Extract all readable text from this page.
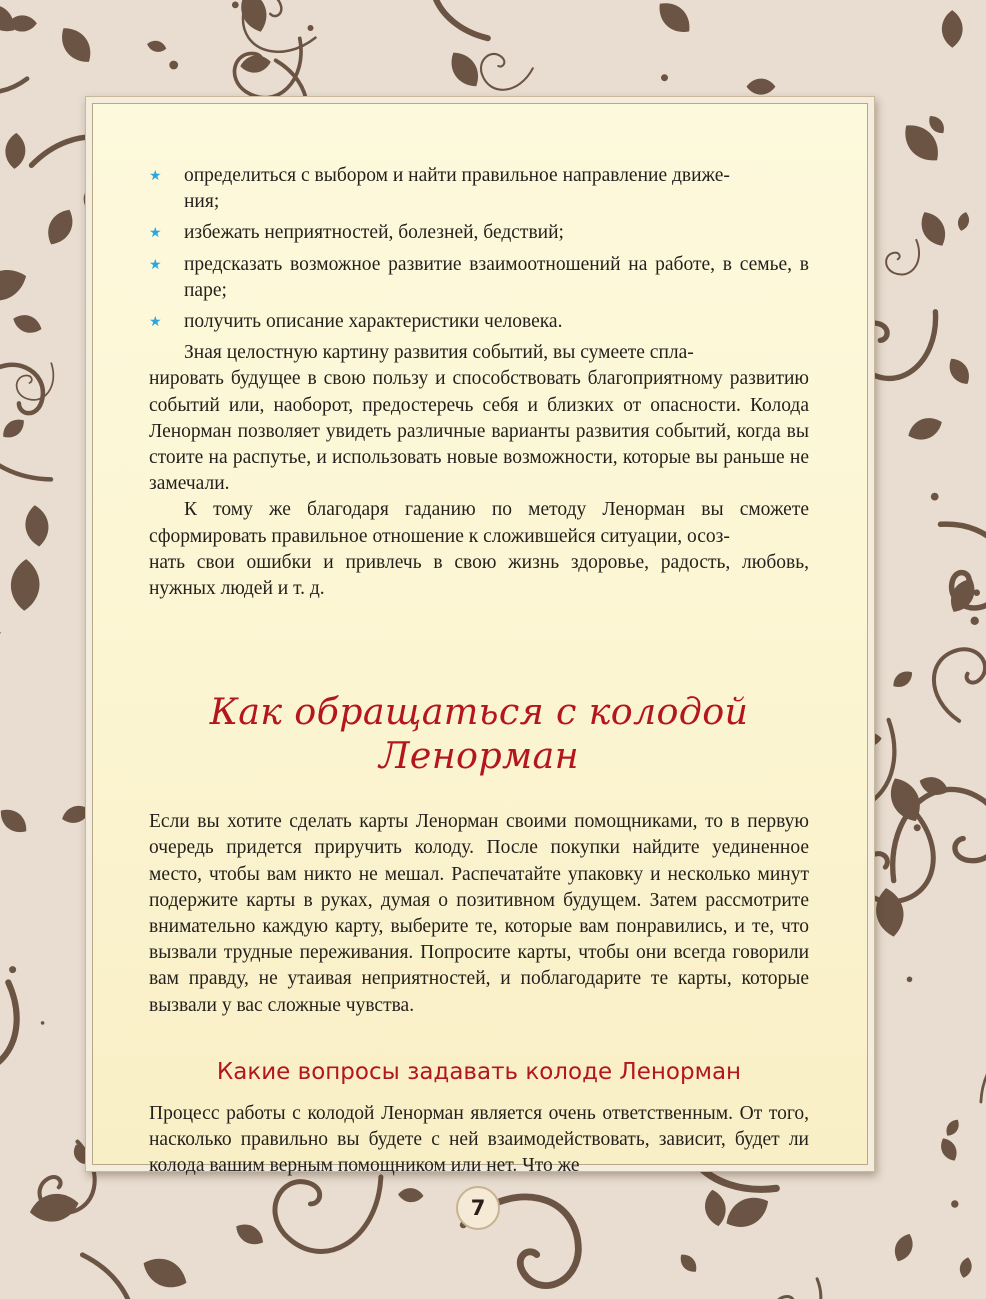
★ определиться с выбором и найти правильное направление движе-
ния;
★ избежать неприятностей, болезней, бедствий;
★ предсказать возможное развитие взаимоотношений на работе, в семье, в паре;
★ получить описание характеристики человека.

Зная целостную картину развития событий, вы сумеете спла-
нировать будущее в свою пользу и способствовать благоприятному развитию событий или, наоборот, предостеречь себя и близких от опасности. Колода Ленорман позволяет увидеть различные варианты развития событий, когда вы стоите на распутье, и использовать новые возможности, которые вы раньше не замечали.

К тому же благодаря гаданию по методу Ленорман вы сможете сформировать правильное отношение к сложившейся ситуации, осоз-
нать свои ошибки и привлечь в свою жизнь здоровье, радость, любовь, нужных людей и т. д.

Как обращаться с колодой Ленорман

Если вы хотите сделать карты Ленорман своими помощниками, то в первую очередь придется приручить колоду. После покупки найдите уединенное место, чтобы вам никто не мешал. Распечатайте упаковку и несколько минут подержите карты в руках, думая о позитивном будущем. Затем рассмотрите внимательно каждую карту, выберите те, которые вам понравились, и те, что вызвали трудные переживания. Попросите карты, чтобы они всегда говорили вам правду, не утаивая неприятностей, и поблагодарите те карты, которые вызвали у вас сложные чувства.

Какие вопросы задавать колоде Ленорман

Процесс работы с колодой Ленорман является очень ответственным. От того, насколько правильно вы будете с ней взаимодействовать, зависит, будет ли колода вашим верным помощником или нет. Что же

7
